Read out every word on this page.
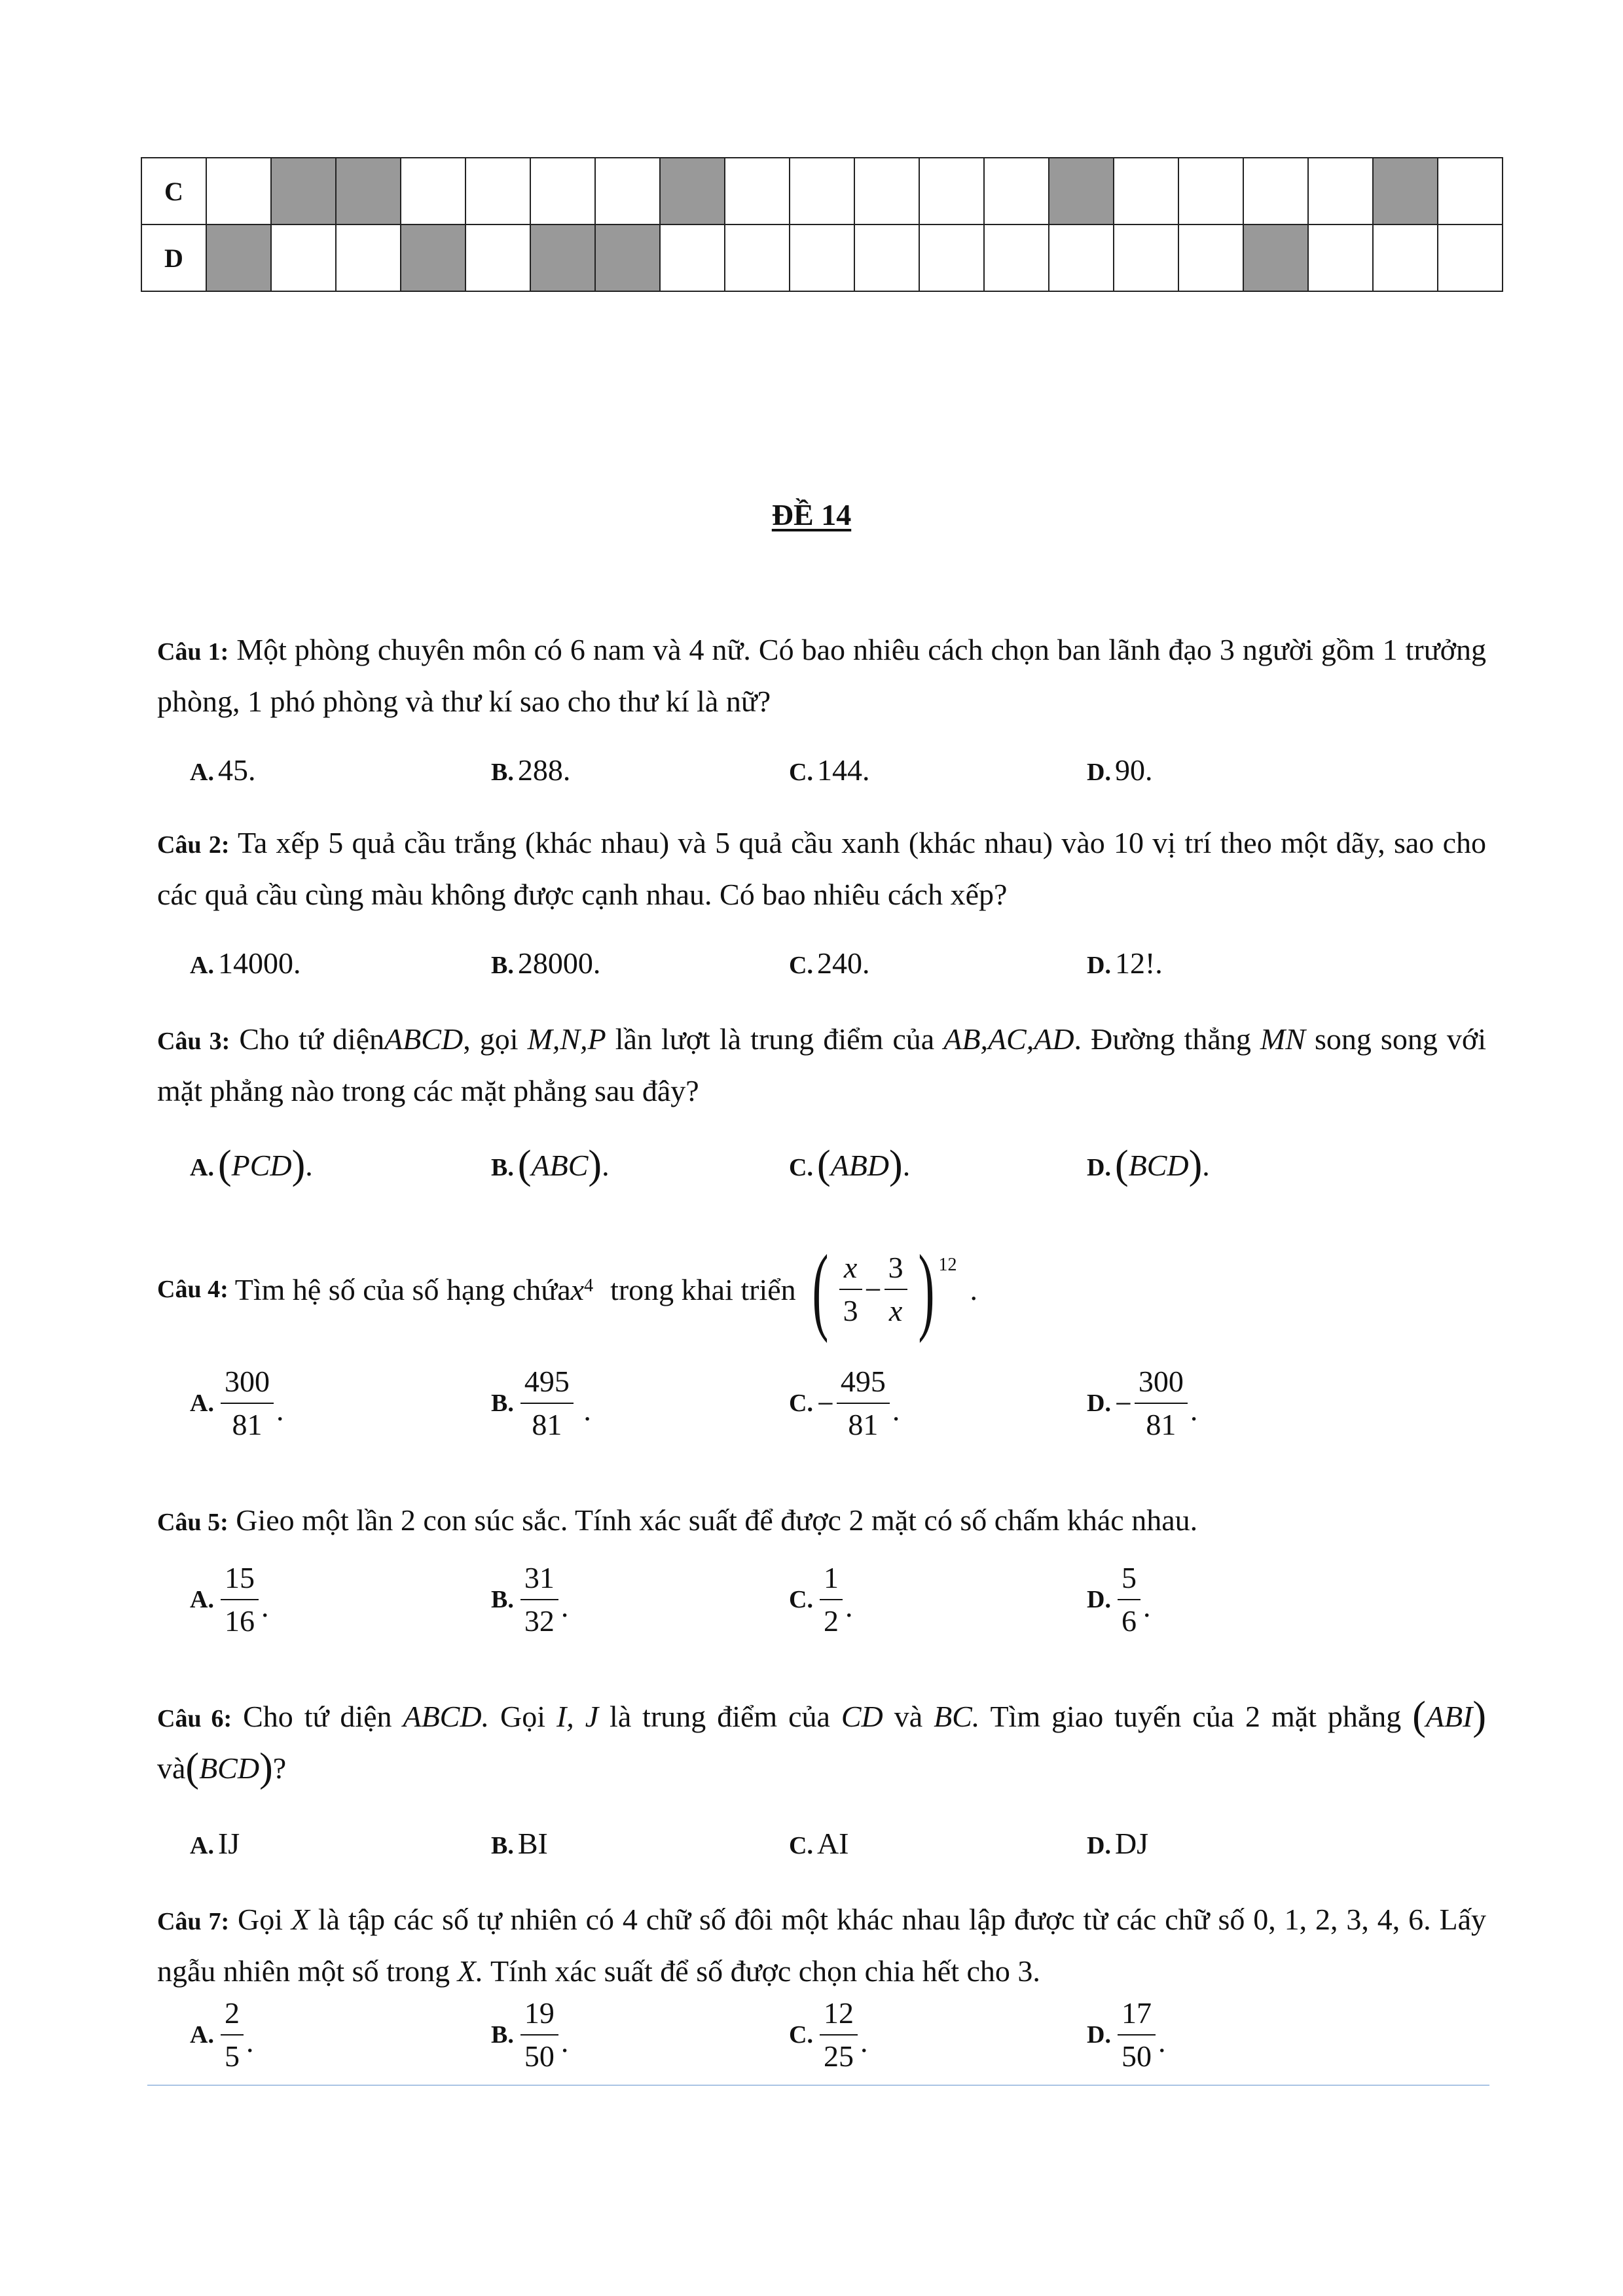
C																				
D																				
ĐỀ 14
Câu 1: Một phòng chuyên môn có 6 nam và 4 nữ. Có bao nhiêu cách chọn ban lãnh đạo 3 người gồm 1 trưởng phòng, 1 phó phòng và thư kí sao cho thư kí là nữ?
A. 45.	B. 288.	C. 144.	D. 90.
Câu 2: Ta xếp 5 quả cầu trắng (khác nhau) và 5 quả cầu xanh (khác nhau) vào 10 vị trí theo một dãy, sao cho các quả cầu cùng màu không được cạnh nhau. Có bao nhiêu cách xếp?
A. 14000.	B. 28000.	C. 240.	D. 12!.
Câu 3: Cho tứ diệnABCD, gọi M,N,P lần lượt là trung điểm của AB,AC,AD. Đường thẳng MN song song với mặt phẳng nào trong các mặt phẳng sau đây?
A.(PCD).	B.(ABC).	C.(ABD).	D.(BCD).
Câu 4: Tìm hệ số của số hạng chứa $x^4$ trong khai triển ( $\frac{x}{3} - \frac{3}{x} )^{12}$
.
A. $\frac{300}{81}$ .	B. $\frac{495}{81}$ .	C. − $\frac{495}{81}$ .	D. − $\frac{300}{81}$ .
Câu 5: Gieo một lần 2 con súc sắc. Tính xác suất để được 2 mặt có số chấm khác nhau.
A. $\frac{15}{16}$ .	B. $\frac{31}{32}$ .	C. $\frac{1}{2}$ .	D. $\frac{5}{6}$ .
Câu 6: Cho tứ diện ABCD. Gọi I, J là trung điểm của CD và BC. Tìm giao tuyến của 2 mặt phẳng (ABI) và(BCD)?
A. IJ	B. BI	C. AI	D. DJ
Câu 7: Gọi X là tập các số tự nhiên có 4 chữ số đôi một khác nhau lập được từ các chữ số 0, 1, 2, 3, 4, 6. Lấy ngẫu nhiên một số trong X. Tính xác suất để số được chọn chia hết cho 3.
A. $\frac{2}{5}$ .	B. $\frac{19}{50}$ .	C. $\frac{12}{25}$ .	D. $\frac{17}{50}$ .
